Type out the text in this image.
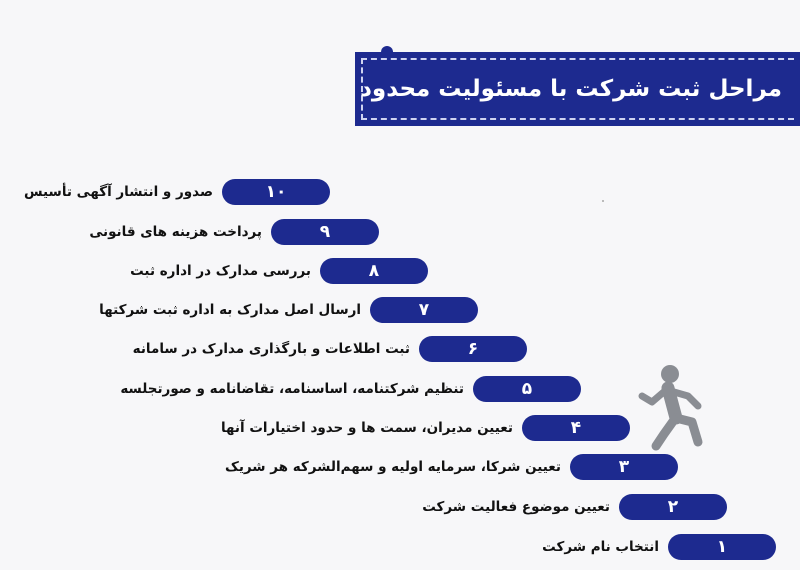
مراحل ثبت شرکت با مسئولیت محدود
۱۰
صدور و انتشار آگهی تأسیس
۹
پرداخت هزینه های قانونی
۸
بررسی مدارک در اداره ثبت
۷
ارسال اصل مدارک به اداره ثبت شرکتها
۶
ثبت اطلاعات و بارگذاری مدارک در سامانه
۵
تنظیم شرکتنامه، اساسنامه، تقاضانامه و صورتجلسه
۴
تعیین مدیران، سمت ها و حدود اختیارات آنها
۳
تعیین شرکا، سرمایه اولیه و سهم‌الشرکه هر شریک
۲
تعیین موضوع فعالیت شرکت
۱
انتخاب نام شرکت
